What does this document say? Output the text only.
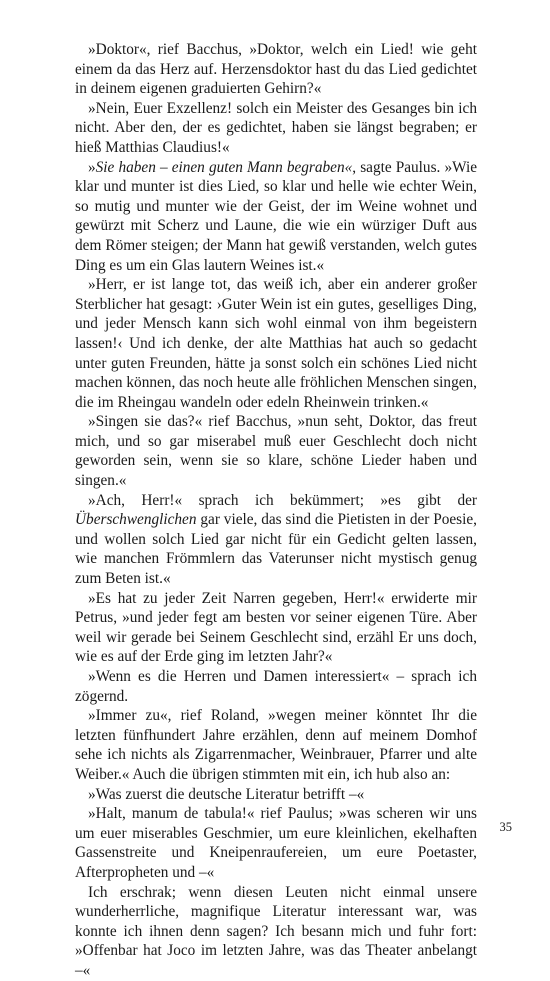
»Doktor«, rief Bacchus, »Doktor, welch ein Lied! wie geht einem da das Herz auf. Herzensdoktor hast du das Lied gedichtet in deinem eigenen graduierten Gehirn?«

»Nein, Euer Exzellenz! solch ein Meister des Gesanges bin ich nicht. Aber den, der es gedichtet, haben sie längst begraben; er hieß Matthias Claudius!«

»Sie haben – einen guten Mann begraben«, sagte Paulus. »Wie klar und munter ist dies Lied, so klar und helle wie echter Wein, so mutig und munter wie der Geist, der im Weine wohnet und gewürzt mit Scherz und Laune, die wie ein würziger Duft aus dem Römer steigen; der Mann hat gewiß verstanden, welch gutes Ding es um ein Glas lautern Weines ist.«

»Herr, er ist lange tot, das weiß ich, aber ein anderer großer Sterblicher hat gesagt: ›Guter Wein ist ein gutes, geselliges Ding, und jeder Mensch kann sich wohl einmal von ihm begeistern lassen!‹ Und ich denke, der alte Matthias hat auch so gedacht unter guten Freunden, hätte ja sonst solch ein schönes Lied nicht machen können, das noch heute alle fröhlichen Menschen singen, die im Rheingau wandeln oder edeln Rheinwein trinken.«

»Singen sie das?« rief Bacchus, »nun seht, Doktor, das freut mich, und so gar miserabel muß euer Geschlecht doch nicht geworden sein, wenn sie so klare, schöne Lieder haben und singen.«

»Ach, Herr!« sprach ich bekümmert; »es gibt der Überschwenglichen gar viele, das sind die Pietisten in der Poesie, und wollen solch Lied gar nicht für ein Gedicht gelten lassen, wie manchen Frömmlern das Vaterunser nicht mystisch genug zum Beten ist.«

»Es hat zu jeder Zeit Narren gegeben, Herr!« erwiderte mir Petrus, »und jeder fegt am besten vor seiner eigenen Türe. Aber weil wir gerade bei Seinem Geschlecht sind, erzähl Er uns doch, wie es auf der Erde ging im letzten Jahr?«

»Wenn es die Herren und Damen interessiert« – sprach ich zögernd.

»Immer zu«, rief Roland, »wegen meiner könntet Ihr die letzten fünfhundert Jahre erzählen, denn auf meinem Domhof sehe ich nichts als Zigarrenmacher, Weinbrauer, Pfarrer und alte Weiber.« Auch die übrigen stimmten mit ein, ich hub also an:

»Was zuerst die deutsche Literatur betrifft –«

»Halt, manum de tabula!« rief Paulus; »was scheren wir uns um euer miserables Geschmier, um eure kleinlichen, ekelhaften Gassenstreite und Kneipenraufereien, um eure Poetaster, Afterpropheten und –«

Ich erschrak; wenn diesen Leuten nicht einmal unsere wunderherrliche, magnifique Literatur interessant war, was konnte ich ihnen denn sagen? Ich besann mich und fuhr fort: »Offenbar hat Joco im letzten Jahre, was das Theater anbelangt –«

35
